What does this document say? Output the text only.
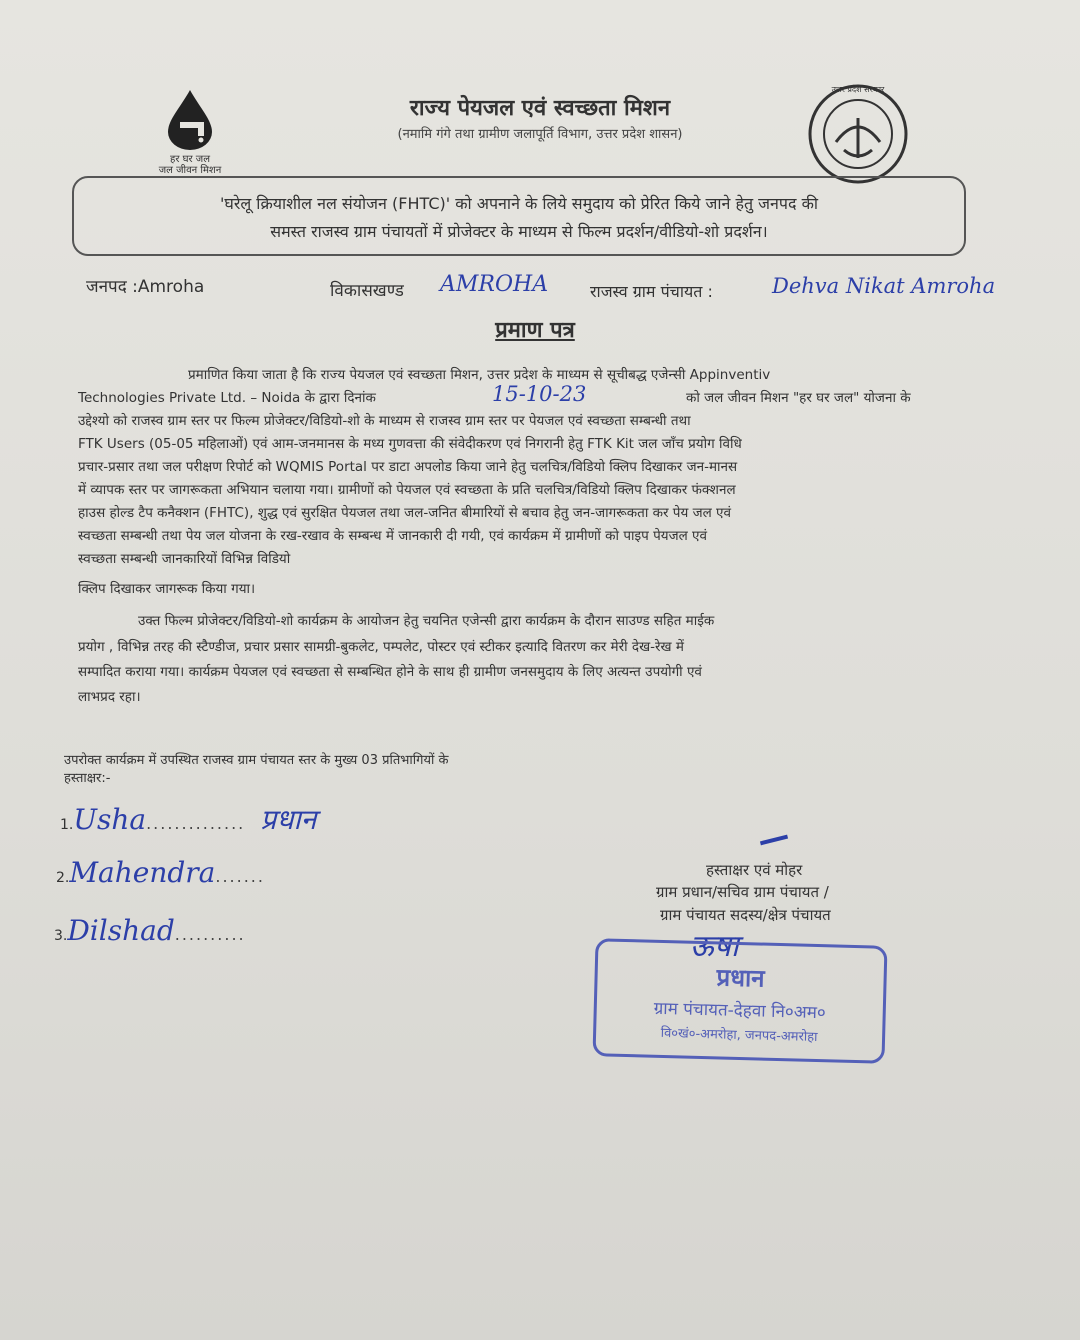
हर घर जल
जल जीवन मिशन
राज्य पेयजल एवं स्वच्छता मिशन
(नमामि गंगे तथा ग्रामीण जलापूर्ति विभाग, उत्तर प्रदेश शासन)
उत्तर प्रदेश सरकार
'घरेलू क्रियाशील नल संयोजन (FHTC)' को अपनाने के लिये समुदाय को प्रेरित किये जाने हेतु जनपद की
समस्त राजस्व ग्राम पंचायतों में प्रोजेक्टर के माध्यम से फिल्म प्रदर्शन/वीडियो-शो प्रदर्शन।
जनपद :Amroha	विकासखण्ड AMROHA	राजस्व ग्राम पंचायत :	Dehva Nikat Amroha
प्रमाण पत्र
प्रमाणित किया जाता है कि राज्य पेयजल एवं स्वच्छता मिशन, उत्तर प्रदेश के माध्यम से सूचीबद्ध एजेन्सी Appinventiv
Technologies Private Ltd. – Noida के द्वारा दिनांक	15-10-23	को जल जीवन मिशन "हर घर जल" योजना के
उद्देश्यो को राजस्व ग्राम स्तर पर फिल्म प्रोजेक्टर/विडियो-शो के माध्यम से राजस्व ग्राम स्तर पर पेयजल एवं स्वच्छता सम्बन्धी तथा
FTK Users (05-05 महिलाओं) एवं आम-जनमानस के मध्य गुणवत्ता की संवेदीकरण एवं निगरानी हेतु FTK Kit जल जाँच प्रयोग विधि
प्रचार-प्रसार तथा जल परीक्षण रिपोर्ट को WQMIS Portal पर डाटा अपलोड किया जाने हेतु चलचित्र/विडियो क्लिप दिखाकर जन-मानस
में व्यापक स्तर पर जागरूकता अभियान चलाया गया। ग्रामीणों को पेयजल एवं स्वच्छता के प्रति चलचित्र/विडियो क्लिप दिखाकर फंक्शनल
हाउस होल्ड टैप कनैक्शन (FHTC), शुद्ध एवं सुरक्षित पेयजल तथा जल-जनित बीमारियों से बचाव हेतु जन-जागरूकता कर पेय जल एवं
स्वच्छता सम्बन्धी तथा पेय जल योजना के रख-रखाव के सम्बन्ध में जानकारी दी गयी, एवं कार्यक्रम में ग्रामीणों को पाइप पेयजल एवं
स्वच्छता सम्बन्धी जानकारियों विभिन्न विडियो
क्लिप दिखाकर जागरूक किया गया।
उक्त फिल्म प्रोजेक्टर/विडियो-शो कार्यक्रम के आयोजन हेतु चयनित एजेन्सी द्वारा कार्यक्रम के दौरान साउण्ड सहित माईक
प्रयोग , विभिन्न तरह की स्टैण्डीज, प्रचार प्रसार सामग्री-बुकलेट, पम्पलेट, पोस्टर एवं स्टीकर इत्यादि वितरण कर मेरी देख-रेख में
सम्पादित कराया गया। कार्यक्रम पेयजल एवं स्वच्छता से सम्बन्धित होने के साथ ही ग्रामीण जनसमुदाय के लिए अत्यन्त उपयोगी एवं
लाभप्रद रहा।
उपरोक्त कार्यक्रम में उपस्थित राजस्व ग्राम पंचायत स्तर के मुख्य 03 प्रतिभागियों के
हस्ताक्षर:-
1.Usha.............. प्रधान
2.Mahendra.......
3.Dilshad..........
हस्ताक्षर एवं मोहर
ग्राम प्रधान/सचिव ग्राम पंचायत /
ग्राम पंचायत सदस्य/क्षेत्र पंचायत
ऊषा
प्रधान
ग्राम पंचायत-देहवा नि०अम०
वि०खं०-अमरोहा, जनपद-अमरोहा
